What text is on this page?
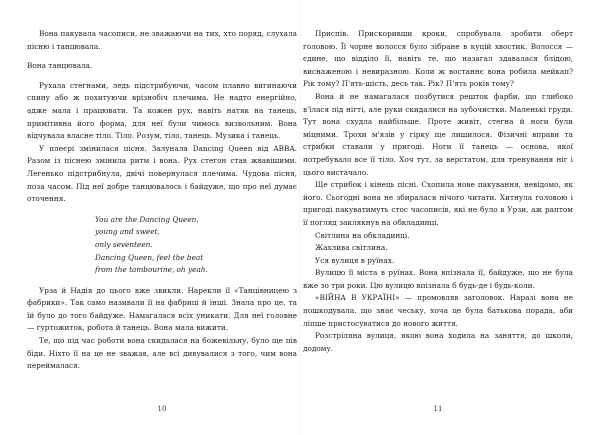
Вона пакувала часописи, не зважаючи на тих, хто поряд, слухала пісню і танцювала.

Вона танцювала.

Рухала стегнами, ледь підстрибуючи, часом плавно вигинаючи спину або ж похитуючи врізнобіч плечима. Не надто енергійно, адже мала і працювати. Та кожен рух, навіть натяк на танець, примітивна його форма, для неї були чимось визвольним. Вона відчувала власне тіло. Тіло. Розум, тіло, танець. Музика і танець.

У плеєрі змінилася пісня. Залунала Dancing Queen від ABBA. Разом із піснею змінила ритм і вона. Рух стегон став жвавішими. Легенько підстрибнула, двічі повернулася плечима. Чудова пісня, поза часом. Під неї добре танцювалось і байдуже, що про неї думає оточення.

You are the Dancing Queen,
young and sweet,
only seventeen.
Dancing Queen, feel the beat
from the tambourine, oh yeah.

Урза й Надія до цього вже звикли. Нарекли її «Танцівницею з фабрики». Так само називали її на фабриці й інші. Знала про це, та їй було до того байдуже. Намагалася всіх уникати. Для неї головне — гуртожиток, робота й танець. Вона мала вижити.

Те, що під час роботи вона скидалася на божевільну, було ще пів біди. Ніхто її на це не зважав, але всі дивувалися з того, чим вона переймалася.

10

Приспів. Прискоривши кроки, спробувала зробити оберт головою. Її чорне волосся було зібране в куцій хвостик. Волосся — єдине, що відділо її, навіть те, що назагал здавалася блідою, виснаженою і невиразною. Коли ж востаннє вона робила мейкап? Рік тому? П'ять-шість, десь так. Рік? П'ять років тому?

Вона й не намагалася позбутися решток фарби, що глибоко в'їлася під нігті, але руки скидалися на зубочистки. Маленькі груди. Тут вона схудла найбільше. Проте живіт, стегна й ноги були міцними. Трохи м'язів у гірку ще лишилося. Фізичні вправи та стрибки ставали у пригоді. Ноги її танець — основа, якої потребувало все її тіло. Хоч тут, за верстатом, для тренування ніг і цього вистачало.

Ще стрибок і кінець пісні. Схопила нове пакування, невідомо, як його. Сьогодні вона не збиралася нічого читати. Хитнула головою і пригоді пакуватимуть стос часописів, які не було в Урзи, аж раптом її погляд заклякнув на обкладинці.

Світлина на обкладинці.

Жахлива світлина.

Уся вулиця в руїнах.

Вулицю її міста в руїнах. Вона впізнала її, байдуже, що не була вже зо три роки. Цю вулицю впізнала б будь-де і будь-коли.

«ВІЙНА В УКРАЇНІ» — промовляв заголовок. Наразі вона не пошкодувала, що знає чеську, хоча це була батькова порада, аби ліпше пристосуватися до нового життя.

Розстріляна вулиця, якою вона ходила на заняття, до школи, додому.

11
